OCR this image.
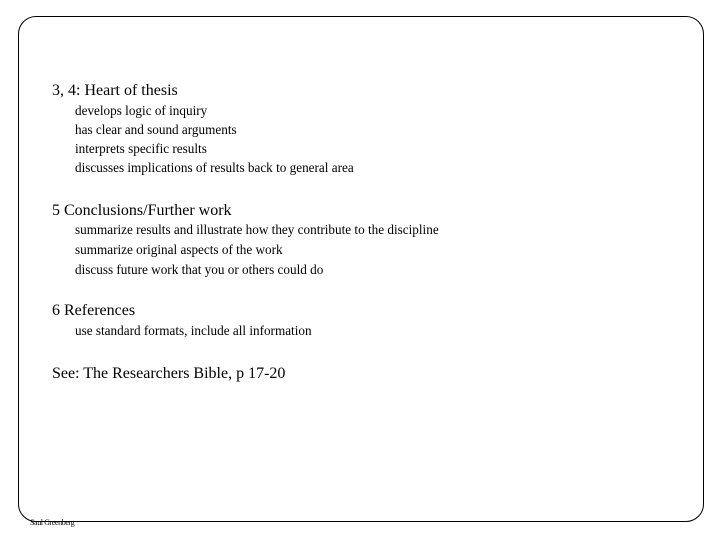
3, 4: Heart of thesis
develops logic of inquiry
has clear and sound arguments
interprets specific results
discusses implications of results back to general area
5 Conclusions/Further work
summarize results and illustrate how they contribute to the discipline
summarize original aspects of the work
discuss future work that you or others could do
6 References
use standard formats, include all information
See: The Researchers Bible, p 17-20
Saul Greenberg
